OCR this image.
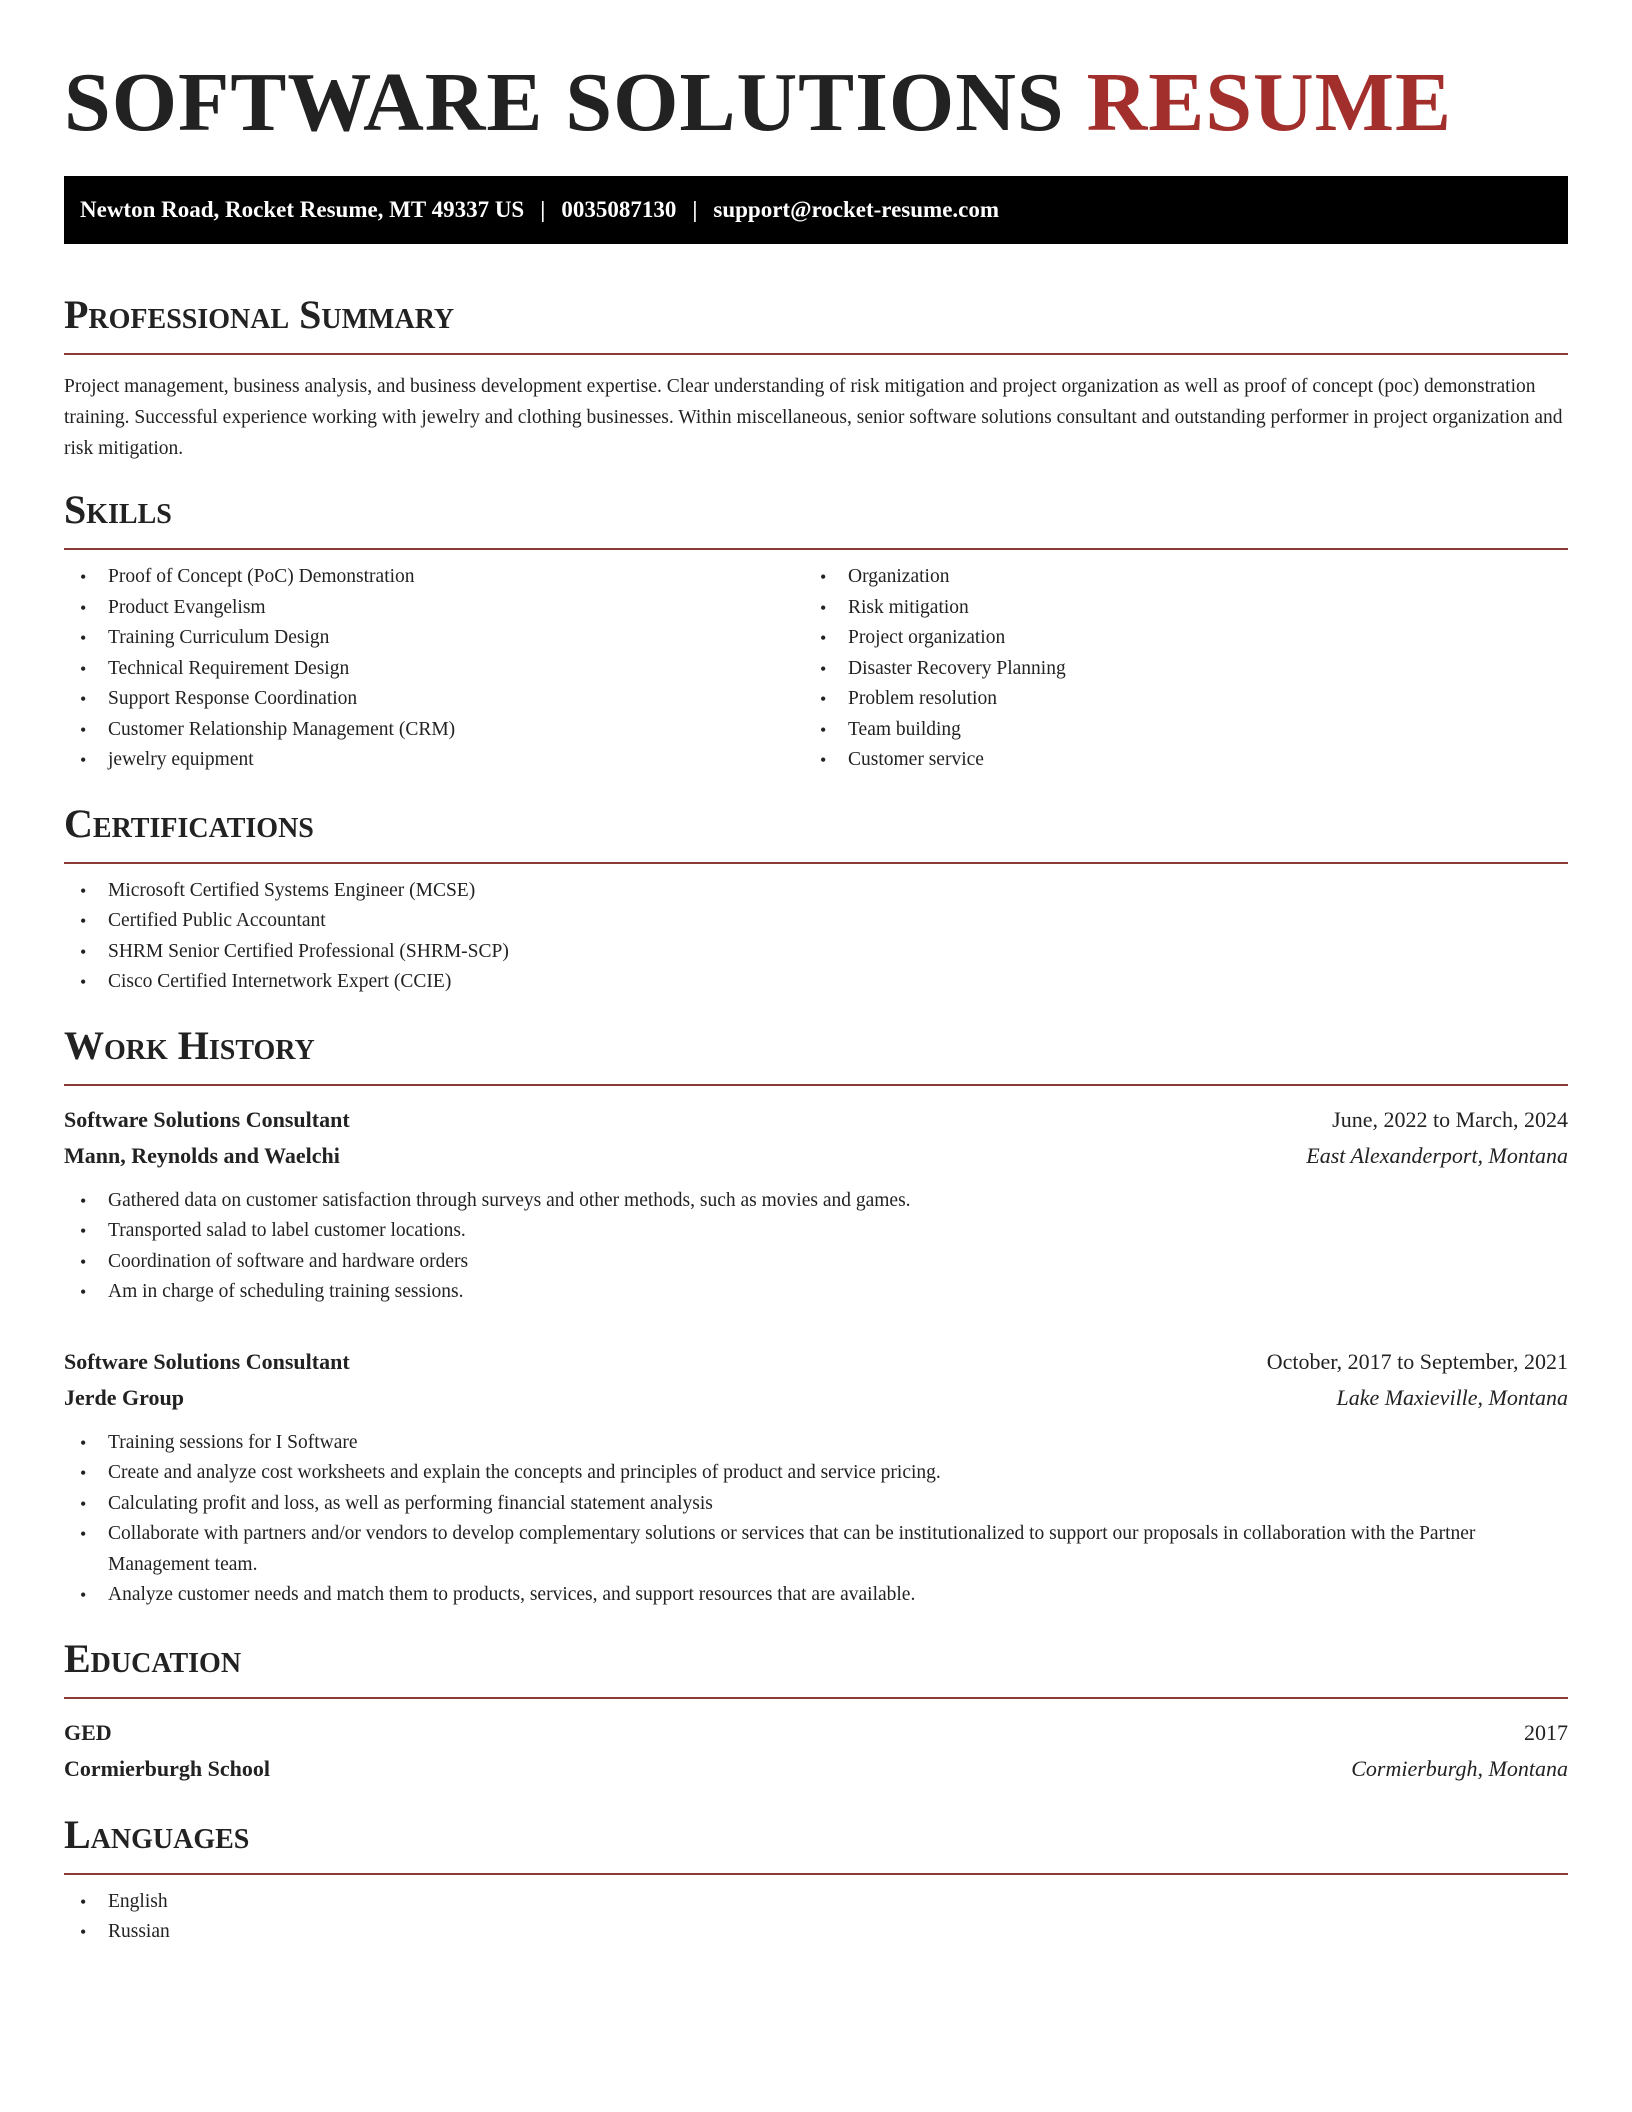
SOFTWARE SOLUTIONS RESUME
Newton Road, Rocket Resume, MT 49337 US | 0035087130 | support@rocket-resume.com
Professional Summary

Project management, business analysis, and business development expertise. Clear understanding of risk mitigation and project organization as well as proof of concept (poc) demonstration training. Successful experience working with jewelry and clothing businesses. Within miscellaneous, senior software solutions consultant and outstanding performer in project organization and risk mitigation.

Skills
• Proof of Concept (PoC) Demonstration
• Product Evangelism
• Training Curriculum Design
• Technical Requirement Design
• Support Response Coordination
• Customer Relationship Management (CRM)
• jewelry equipment
• Organization
• Risk mitigation
• Project organization
• Disaster Recovery Planning
• Problem resolution
• Team building
• Customer service
Certifications
• Microsoft Certified Systems Engineer (MCSE)
• Certified Public Accountant
• SHRM Senior Certified Professional (SHRM-SCP)
• Cisco Certified Internetwork Expert (CCIE)
Work History
Software Solutions Consultant	June, 2022 to March, 2024
Mann, Reynolds and Waelchi	East Alexanderport, Montana
• Gathered data on customer satisfaction through surveys and other methods, such as movies and games.
• Transported salad to label customer locations.
• Coordination of software and hardware orders
• Am in charge of scheduling training sessions.
Software Solutions Consultant	October, 2017 to September, 2021
Jerde Group	Lake Maxieville, Montana
• Training sessions for I Software
• Create and analyze cost worksheets and explain the concepts and principles of product and service pricing.
• Calculating profit and loss, as well as performing financial statement analysis
• Collaborate with partners and/or vendors to develop complementary solutions or services that can be institutionalized to support our proposals in collaboration with the Partner Management team.
• Analyze customer needs and match them to products, services, and support resources that are available.
Education
GED	2017
Cormierburgh School	Cormierburgh, Montana
Languages
• English
• Russian
